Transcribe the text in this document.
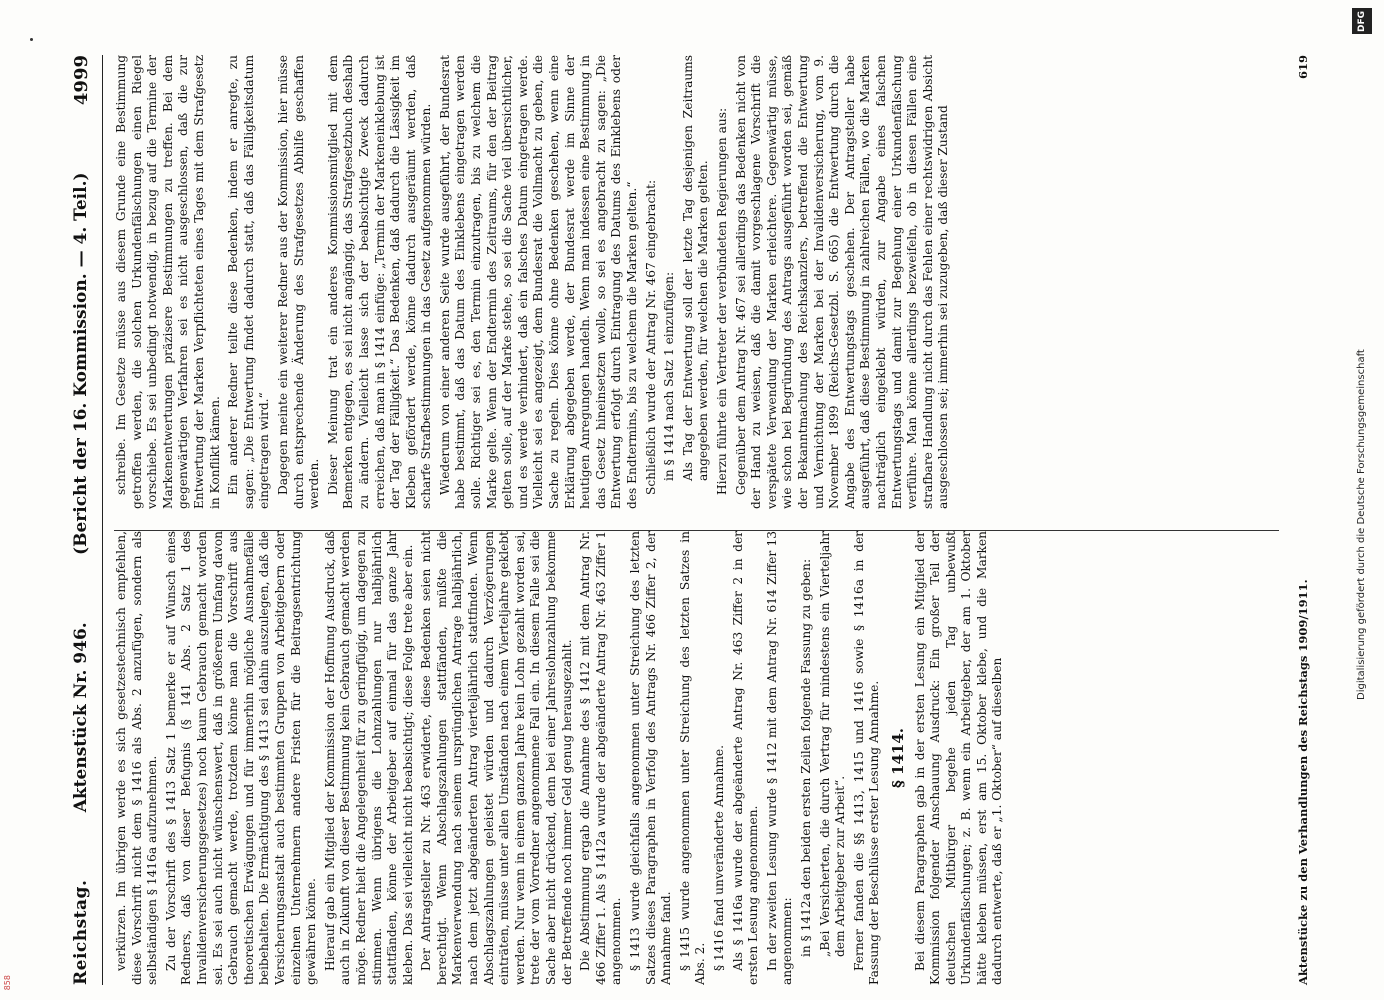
Reichstag.
Aktenstück Nr. 946.
(Bericht der 16. Kommission. — 4. Teil.)
4999

verkürzen. Im übrigen werde es sich gesetzestechnisch empfehlen, diese Vorschrift nicht dem § 1416 als Abs. 2 anzufügen, sondern als selbständigen § 1416a aufzunehmen. Zu der Vorschrift des § 1413 Satz 1 bemerke er auf Wunsch eines Redners, daß von dieser Befugnis (§ 141 Abs. 2 Satz 1 des Invalidenversicherungsgesetzes) noch kaum Gebrauch gemacht worden sei. Es sei auch nicht wünschenswert, daß in größerem Umfang davon Gebrauch gemacht werde, trotzdem könne man die Vorschrift aus theoretischen Erwägungen und für immerhin mögliche Ausnahmefälle beibehalten. Die Ermächtigung des § 1413 sei dahin auszulegen, daß die Versicherungsanstalt auch bestimmten Gruppen von Arbeitgebern oder einzelnen Unternehmern andere Fristen für die Beitragsentrichtung gewähren könne. Hierauf gab ein Mitglied der Kommission der Hoffnung Ausdruck, daß auch in Zukunft von dieser Bestimmung kein Gebrauch gemacht werden möge. Redner hielt die Angelegenheit für zu geringfügig, um dagegen zu stimmen. Wenn übrigens die Lohnzahlungen nur halbjährlich stattfänden, könne der Arbeitgeber auf einmal für das ganze Jahr kleben. Das sei vielleicht nicht beabsichtigt; diese Folge trete aber ein. Der Antragsteller zu Nr. 463 erwiderte, diese Bedenken seien nicht berechtigt. Wenn Abschlagszahlungen stattfänden, müßte die Markenverwendung nach seinem ursprünglichen Antrage halbjährlich, nach dem jetzt abgeänderten Antrag vierteljährlich stattfinden. Wenn Abschlagszahlungen geleistet würden und dadurch Verzögerungen einträten, müsse unter allen Umständen nach einem Vierteljahre geklebt werden. Nur wenn in einem ganzen Jahre kein Lohn gezahlt worden sei, trete der vom Vorredner angenommene Fall ein. In diesem Falle sei die Sache aber nicht drückend, denn bei einer Jahreslohnzahlung bekomme der Betreffende noch immer Geld genug herausgezahlt. Die Abstimmung ergab die Annahme des § 1412 mit dem Antrag Nr. 466 Ziffer 1. Als § 1412a wurde der abgeänderte Antrag Nr. 463 Ziffer 1 angenommen. § 1413 wurde gleichfalls angenommen unter Streichung des letzten Satzes dieses Paragraphen in Verfolg des Antrags Nr. 466 Ziffer 2, der Annahme fand. § 1415 wurde angenommen unter Streichung des letzten Satzes in Abs. 2. § 1416 fand unveränderte Annahme. Als § 1416a wurde der abgeänderte Antrag Nr. 463 Ziffer 2 in der ersten Lesung angenommen. In der zweiten Lesung wurde § 1412 mit dem Antrag Nr. 614 Ziffer 13 angenommen: in § 1412a den beiden ersten Zeilen folgende Fassung zu geben: „Bei Versicherten, die durch Vertrag für mindestens ein Vierteljahr dem Arbeitgeber zur Arbeit“. Ferner fanden die §§ 1413, 1415 und 1416 sowie § 1416a in der Fassung der Beschlüsse erster Lesung Annahme. § 1414. Bei diesem Paragraphen gab in der ersten Lesung ein Mitglied der Kommission folgender Anschauung Ausdruck: Ein großer Teil der deutschen Mitbürger begehe jeden Tag unbewußt Urkundenfälschungen; z. B. wenn ein Arbeitgeber, der am 1. Oktober hätte kleben müssen, erst am 15. Oktober klebe, und die Marken dadurch entwerte, daß er „1. Oktober“ auf dieselben

schreibe. Im Gesetze müsse aus diesem Grunde eine Bestimmung getroffen werden, die solchen Urkundenfälschungen einen Riegel vorschiebe. Es sei unbedingt notwendig, in bezug auf die Termine der Markenentwertungen präzisere Bestimmungen zu treffen. Bei dem gegenwärtigen Verfahren sei es nicht ausgeschlossen, daß die zur Entwertung der Marken Verpflichteten eines Tages mit dem Strafgesetz in Konflikt kämen. Ein anderer Redner teilte diese Bedenken, indem er anregte, zu sagen: „Die Entwertung findet dadurch statt, daß das Fälligkeitsdatum eingetragen wird.“ Dagegen meinte ein weiterer Redner aus der Kommission, hier müsse durch entsprechende Änderung des Strafgesetzes Abhilfe geschaffen werden. Dieser Meinung trat ein anderes Kommissionsmitglied mit dem Bemerken entgegen, es sei nicht angängig, das Strafgesetzbuch deshalb zu ändern. Vielleicht lasse sich der beabsichtigte Zweck dadurch erreichen, daß man in § 1414 einfüge: „Termin der Markeneinklebung ist der Tag der Fälligkeit.“ Das Bedenken, daß dadurch die Lässigkeit im Kleben gefördert werde, könne dadurch ausgeräumt werden, daß scharfe Strafbestimmungen in das Gesetz aufgenommen würden. Wiederum von einer anderen Seite wurde ausgeführt, der Bundesrat habe bestimmt, daß das Datum des Einklebens eingetragen werden solle. Richtiger sei es, den Termin einzutragen, bis zu welchem die Marke gelte. Wenn der Endtermin des Zeitraums, für den der Beitrag gelten solle, auf der Marke stehe, so sei die Sache viel übersichtlicher, und es werde verhindert, daß ein falsches Datum eingetragen werde. Vielleicht sei es angezeigt, dem Bundesrat die Vollmacht zu geben, die Sache zu regeln. Dies könne ohne Bedenken geschehen, wenn eine Erklärung abgegeben werde, der Bundesrat werde im Sinne der heutigen Anregungen handeln. Wenn man indessen eine Bestimmung in das Gesetz hineinsetzen wolle, so sei es angebracht zu sagen: „Die Entwertung erfolgt durch Eintragung des Datums des Einklebens oder des Endtermins, bis zu welchem die Marken gelten.“ Schließlich wurde der Antrag Nr. 467 eingebracht: in § 1414 nach Satz 1 einzufügen: Als Tag der Entwertung soll der letzte Tag desjenigen Zeitraums angegeben werden, für welchen die Marken gelten. Hierzu führte ein Vertreter der verbündeten Regierungen aus: Gegenüber dem Antrag Nr. 467 sei allerdings das Bedenken nicht von der Hand zu weisen, daß die damit vorgeschlagene Vorschrift die verspätete Verwendung der Marken erleichtere. Gegenwärtig müsse, wie schon bei Begründung des Antrags ausgeführt worden sei, gemäß der Bekanntmachung des Reichskanzlers, betreffend die Entwertung und Vernichtung der Marken bei der Invalidenversicherung, vom 9. November 1899 (Reichs-Gesetzbl. S. 665) die Entwertung durch die Angabe des Entwertungstags geschehen. Der Antragsteller habe ausgeführt, daß diese Bestimmung in zahlreichen Fällen, wo die Marken nachträglich eingeklebt würden, zur Angabe eines falschen Entwertungstags und damit zur Begehung einer Urkundenfälschung verführe. Man könne allerdings bezweifeln, ob in diesen Fällen eine strafbare Handlung nicht durch das Fehlen einer rechtswidrigen Absicht ausgeschlossen sei; immerhin sei zuzugeben, daß dieser Zustand

Aktenstücke zu den Verhandlungen des Reichstags 1909/1911.
619
DFG
Digitalisierung gefördert durch die Deutsche Forschungsgemeinschaft
858
